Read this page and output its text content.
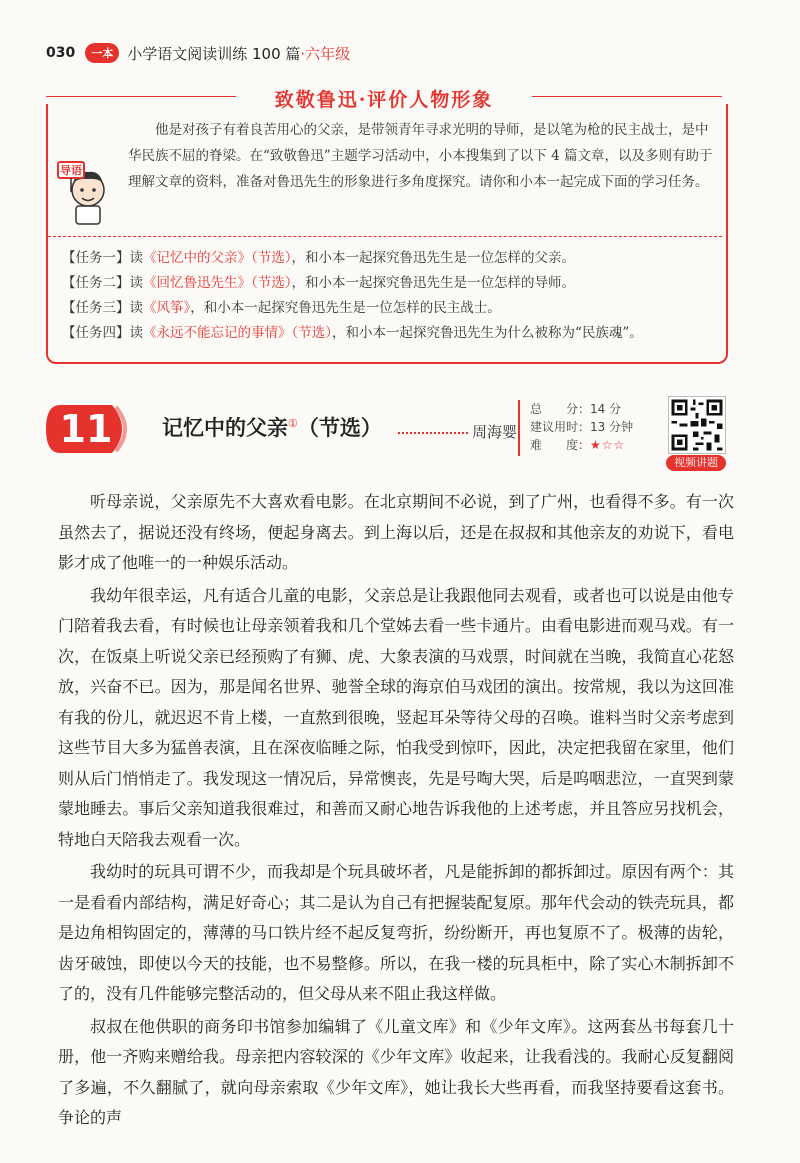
030	一本 小学语文阅读训练 100 篇 ·六年级
致敬鲁迅·评价人物形象
导语

他是对孩子有着良苦用心的父亲，是带领青年寻求光明的导师，是以笔为枪的民主战士，是中华民族不屈的脊梁。在“致敬鲁迅”主题学习活动中，小本搜集到了以下 4 篇文章，以及多则有助于理解文章的资料，准备对鲁迅先生的形象进行多角度探究。请你和小本一起完成下面的学习任务。

【任务一】读《记忆中的父亲》（节选），和小本一起探究鲁迅先生是一位怎样的父亲。
【任务二】读《回忆鲁迅先生》（节选），和小本一起探究鲁迅先生是一位怎样的导师。
【任务三】读《风筝》，和小本一起探究鲁迅先生是一位怎样的民主战士。
【任务四】读《永远不能忘记的事情》（节选），和小本一起探究鲁迅先生为什么被称为“民族魂”。
11	记忆中的父亲①（节选）	周海婴
总　　分：14 分
建议用时：13 分钟
难　　度：★☆☆
视频讲题

听母亲说，父亲原先不大喜欢看电影。在北京期间不必说，到了广州，也看得不多。有一次虽然去了，据说还没有终场，便起身离去。到上海以后，还是在叔叔和其他亲友的劝说下，看电影才成了他唯一的一种娱乐活动。

我幼年很幸运，凡有适合儿童的电影，父亲总是让我跟他同去观看，或者也可以说是由他专门陪着我去看，有时候也让母亲领着我和几个堂姊去看一些卡通片。由看电影进而观马戏。有一次，在饭桌上听说父亲已经预购了有狮、虎、大象表演的马戏票，时间就在当晚，我简直心花怒放，兴奋不已。因为，那是闻名世界、驰誉全球的海京伯马戏团的演出。按常规，我以为这回准有我的份儿，就迟迟不肯上楼，一直熬到很晚，竖起耳朵等待父母的召唤。谁料当时父亲考虑到这些节目大多为猛兽表演，且在深夜临睡之际，怕我受到惊吓，因此，决定把我留在家里，他们则从后门悄悄走了。我发现这一情况后，异常懊丧，先是号啕大哭，后是呜咽悲泣，一直哭到蒙蒙地睡去。事后父亲知道我很难过，和善而又耐心地告诉我他的上述考虑，并且答应另找机会，特地白天陪我去观看一次。

我幼时的玩具可谓不少，而我却是个玩具破坏者，凡是能拆卸的都拆卸过。原因有两个：其一是看看内部结构，满足好奇心；其二是认为自己有把握装配复原。那年代会动的铁壳玩具，都是边角相钩固定的，薄薄的马口铁片经不起反复弯折，纷纷断开，再也复原不了。极薄的齿轮，齿牙破蚀，即使以今天的技能，也不易整修。所以，在我一楼的玩具柜中，除了实心木制拆卸不了的，没有几件能够完整活动的，但父母从来不阻止我这样做。

叔叔在他供职的商务印书馆参加编辑了《儿童文库》和《少年文库》。这两套丛书每套几十册，他一齐购来赠给我。母亲把内容较深的《少年文库》收起来，让我看浅的。我耐心反复翻阅了多遍，不久翻腻了，就向母亲索取《少年文库》，她让我长大些再看，而我坚持要看这套书。争论的声
